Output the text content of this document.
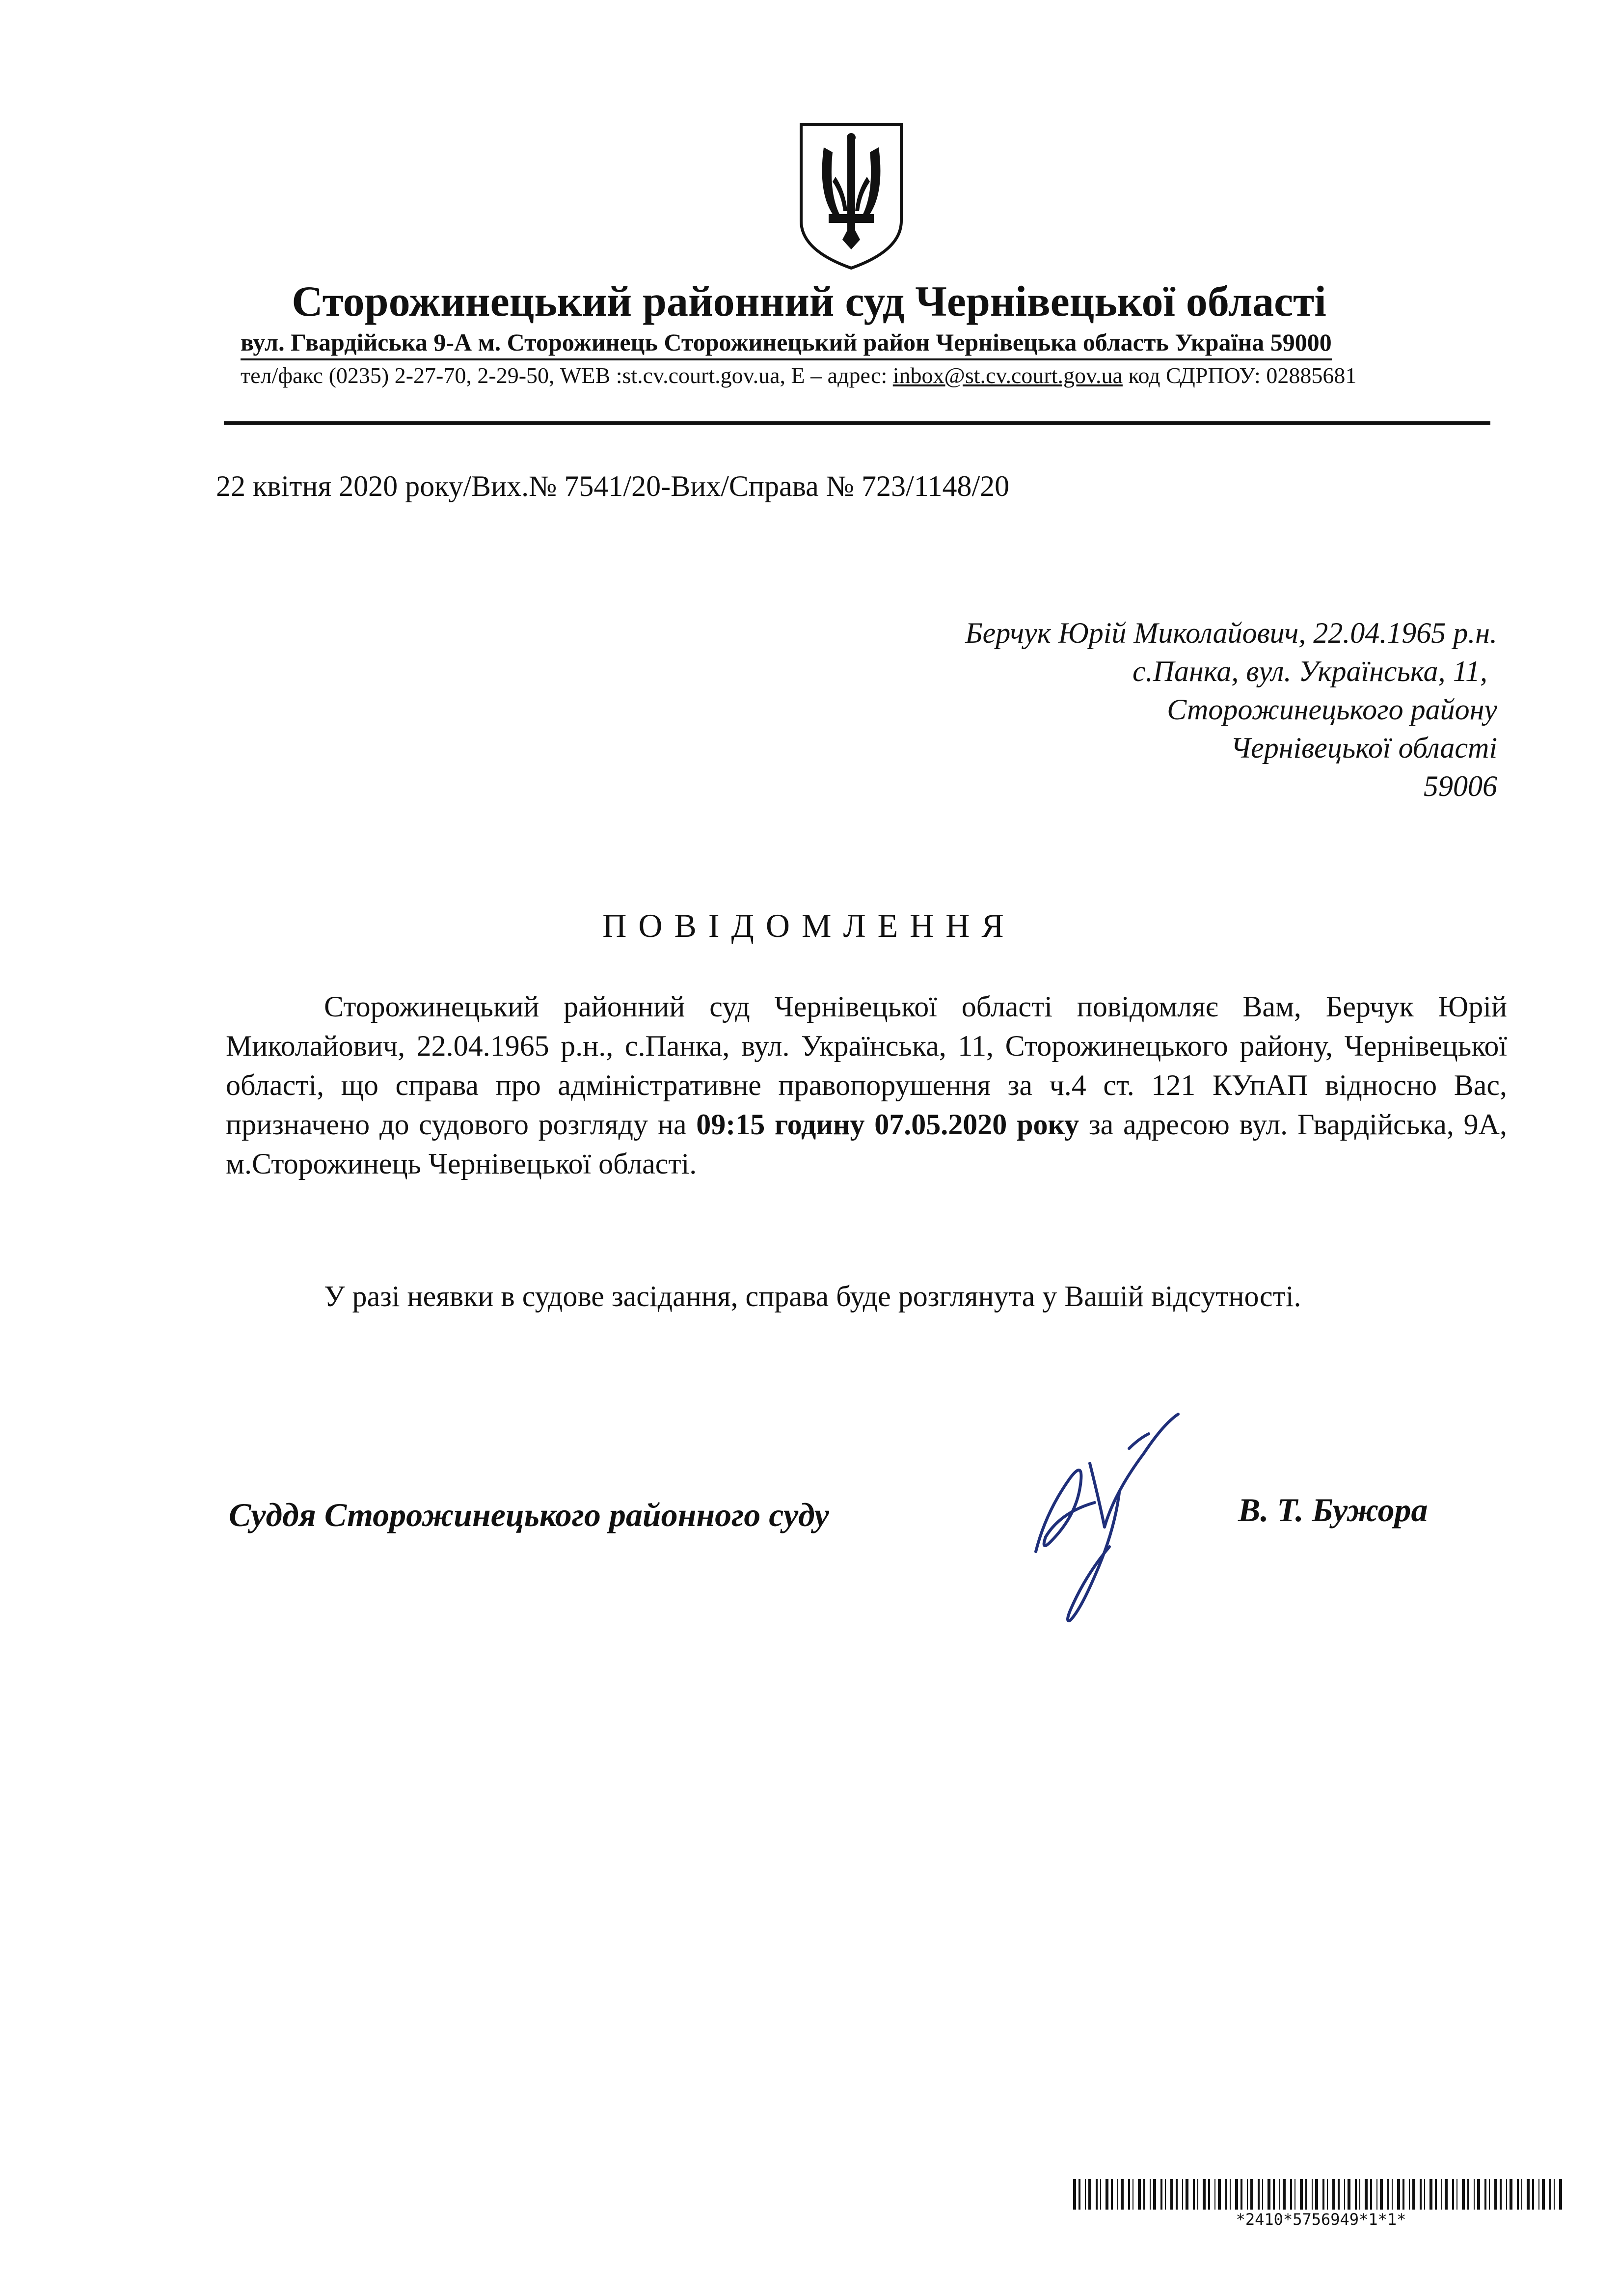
Сторожинецький районний суд Чернівецької області
вул. Гвардійська 9-А м. Сторожинець Сторожинецький район Чернівецька область Україна 59000
тел/факс (0235) 2-27-70, 2-29-50, WEB :st.cv.court.gov.ua, E – адрес: inbox@st.cv.court.gov.ua код СДРПОУ: 02885681
22 квітня 2020 року/Вих.№ 7541/20-Вих/Справа № 723/1148/20
Берчук Юрій Миколайович, 22.04.1965 р.н.
с.Панка, вул. Українська, 11,
Сторожинецького району
Чернівецької області
59006
ПОВІДОМЛЕННЯ

Сторожинецький районний суд Чернівецької області повідомляє Вам, Берчук Юрій Миколайович, 22.04.1965 р.н., с.Панка, вул. Українська, 11, Сторожинецького району, Чернівецької області, що справа про адміністративне правопорушення за ч.4 ст. 121 КУпАП відносно Вас, призначено до судового розгляду на 09:15 годину 07.05.2020 року за адресою вул. Гвардійська, 9А, м.Сторожинець Чернівецької області.

У разі неявки в судове засідання, справа буде розглянута у Вашій відсутності.

Суддя Сторожинецького районного суду	В. Т. Бужора
*2410*5756949*1*1*
